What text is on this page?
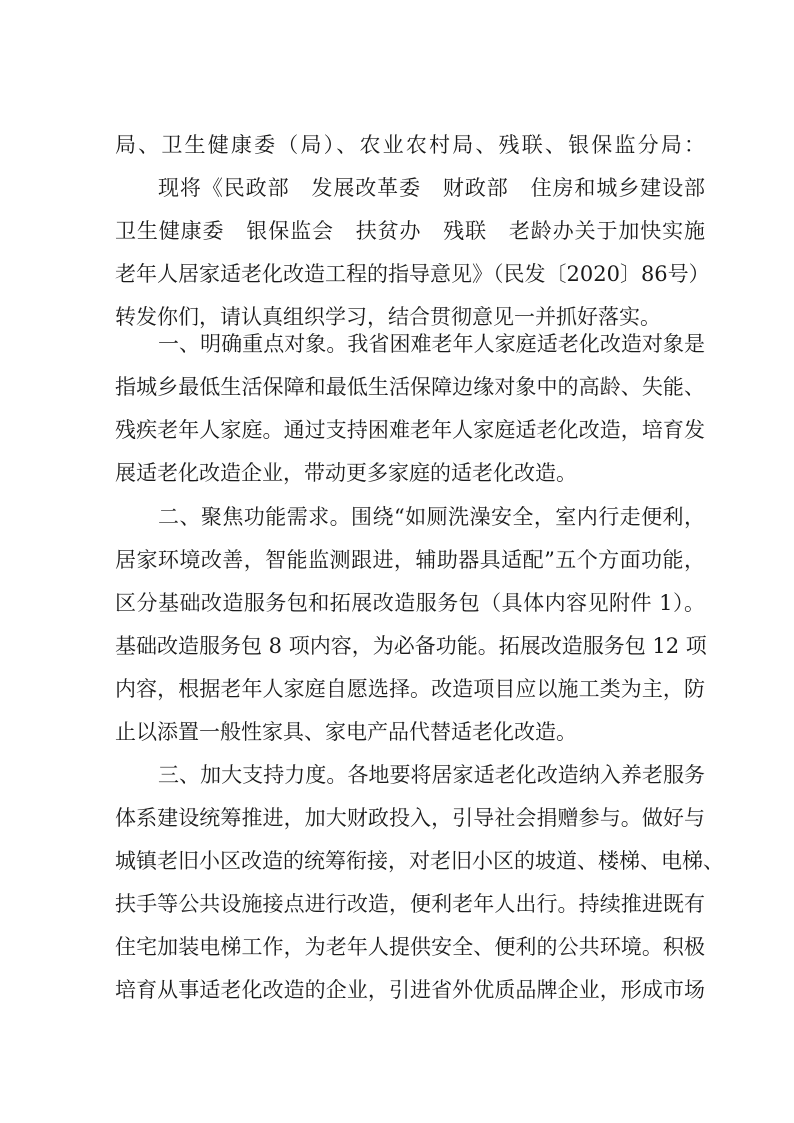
局、卫生健康委（局）、农业农村局、残联、银保监分局：
现将《民政部　发展改革委　财政部　住房和城乡建设部
卫生健康委　银保监会　扶贫办　残联　老龄办关于加快实施
老年人居家适老化改造工程的指导意见》（民发〔2020〕86号）
转发你们，请认真组织学习，结合贯彻意见一并抓好落实。
一、明确重点对象。我省困难老年人家庭适老化改造对象是
指城乡最低生活保障和最低生活保障边缘对象中的高龄、失能、
残疾老年人家庭。通过支持困难老年人家庭适老化改造，培育发
展适老化改造企业，带动更多家庭的适老化改造。
二、聚焦功能需求。围绕“如厕洗澡安全，室内行走便利，
居家环境改善，智能监测跟进，辅助器具适配”五个方面功能，
区分基础改造服务包和拓展改造服务包（具体内容见附件 1）。
基础改造服务包 8 项内容，为必备功能。拓展改造服务包 12 项
内容，根据老年人家庭自愿选择。改造项目应以施工类为主，防
止以添置一般性家具、家电产品代替适老化改造。
三、加大支持力度。各地要将居家适老化改造纳入养老服务
体系建设统筹推进，加大财政投入，引导社会捐赠参与。做好与
城镇老旧小区改造的统筹衔接，对老旧小区的坡道、楼梯、电梯、
扶手等公共设施接点进行改造，便利老年人出行。持续推进既有
住宅加装电梯工作，为老年人提供安全、便利的公共环境。积极
培育从事适老化改造的企业，引进省外优质品牌企业，形成市场
